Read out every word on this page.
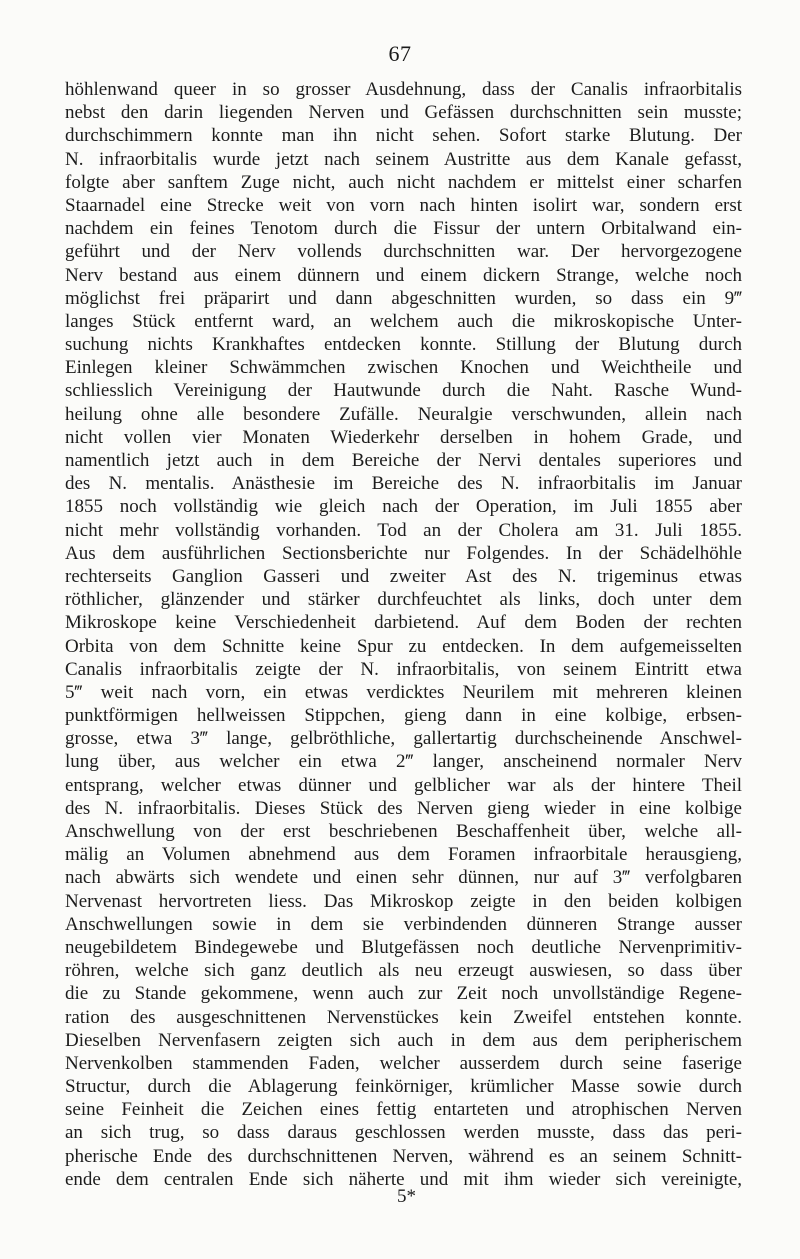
67
höhlenwand queer in so grosser Ausdehnung, dass der Canalis infraorbitalis
nebst den darin liegenden Nerven und Gefässen durchschnitten sein musste;
durchschimmern konnte man ihn nicht sehen. Sofort starke Blutung. Der
N. infraorbitalis wurde jetzt nach seinem Austritte aus dem Kanale gefasst,
folgte aber sanftem Zuge nicht, auch nicht nachdem er mittelst einer scharfen
Staarnadel eine Strecke weit von vorn nach hinten isolirt war, sondern erst
nachdem ein feines Tenotom durch die Fissur der untern Orbitalwand ein-
geführt und der Nerv vollends durchschnitten war. Der hervorgezogene
Nerv bestand aus einem dünnern und einem dickern Strange, welche noch
möglichst frei präparirt und dann abgeschnitten wurden, so dass ein 9‴
langes Stück entfernt ward, an welchem auch die mikroskopische Unter-
suchung nichts Krankhaftes entdecken konnte. Stillung der Blutung durch
Einlegen kleiner Schwämmchen zwischen Knochen und Weichtheile und
schliesslich Vereinigung der Hautwunde durch die Naht. Rasche Wund-
heilung ohne alle besondere Zufälle. Neuralgie verschwunden, allein nach
nicht vollen vier Monaten Wiederkehr derselben in hohem Grade, und
namentlich jetzt auch in dem Bereiche der Nervi dentales superiores und
des N. mentalis. Anästhesie im Bereiche des N. infraorbitalis im Januar
1855 noch vollständig wie gleich nach der Operation, im Juli 1855 aber
nicht mehr vollständig vorhanden. Tod an der Cholera am 31. Juli 1855.
Aus dem ausführlichen Sectionsberichte nur Folgendes. In der Schädelhöhle
rechterseits Ganglion Gasseri und zweiter Ast des N. trigeminus etwas
röthlicher, glänzender und stärker durchfeuchtet als links, doch unter dem
Mikroskope keine Verschiedenheit darbietend. Auf dem Boden der rechten
Orbita von dem Schnitte keine Spur zu entdecken. In dem aufgemeisselten
Canalis infraorbitalis zeigte der N. infraorbitalis, von seinem Eintritt etwa
5‴ weit nach vorn, ein etwas verdicktes Neurilem mit mehreren kleinen
punktförmigen hellweissen Stippchen, gieng dann in eine kolbige, erbsen-
grosse, etwa 3‴ lange, gelbröthliche, gallertartig durchscheinende Anschwel-
lung über, aus welcher ein etwa 2‴ langer, anscheinend normaler Nerv
entsprang, welcher etwas dünner und gelblicher war als der hintere Theil
des N. infraorbitalis. Dieses Stück des Nerven gieng wieder in eine kolbige
Anschwellung von der erst beschriebenen Beschaffenheit über, welche all-
mälig an Volumen abnehmend aus dem Foramen infraorbitale herausgieng,
nach abwärts sich wendete und einen sehr dünnen, nur auf 3‴ verfolgbaren
Nervenast hervortreten liess. Das Mikroskop zeigte in den beiden kolbigen
Anschwellungen sowie in dem sie verbindenden dünneren Strange ausser
neugebildetem Bindegewebe und Blutgefässen noch deutliche Nervenprimitiv-
röhren, welche sich ganz deutlich als neu erzeugt auswiesen, so dass über
die zu Stande gekommene, wenn auch zur Zeit noch unvollständige Regene-
ration des ausgeschnittenen Nervenstückes kein Zweifel entstehen konnte.
Dieselben Nervenfasern zeigten sich auch in dem aus dem peripherischem
Nervenkolben stammenden Faden, welcher ausserdem durch seine faserige
Structur, durch die Ablagerung feinkörniger, krümlicher Masse sowie durch
seine Feinheit die Zeichen eines fettig entarteten und atrophischen Nerven
an sich trug, so dass daraus geschlossen werden musste, dass das peri-
pherische Ende des durchschnittenen Nerven, während es an seinem Schnitt-
ende dem centralen Ende sich näherte und mit ihm wieder sich vereinigte,
5*
